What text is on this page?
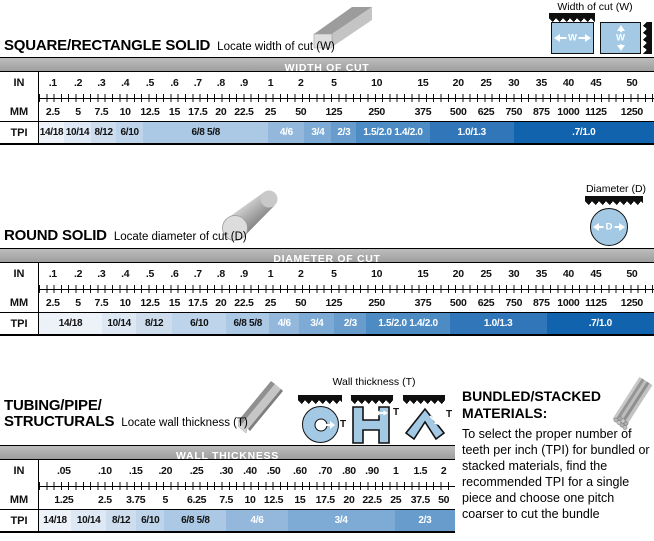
Width of cut (W)
W	W
SQUARE/RECTANGLE SOLID Locate width of cut (W)
WIDTH OF CUT
IN	.1	.2	.3	.4	.5	.6	.7	.8	.9	1	2	5	10	15	20	25	30	35	40	45	50
MM	2.5	5	7.5	10 12.5 15 17.5 20 22.5	25	50	125	250	375	500	625	750	875 1000 1125	1250
TPI	14/18 10/14 8/12 6/10	6/8 5/8	4/6	3/4	2/3	1.5/2.0 1.4/2.0	1.0/1.3	.7/1.0
Diameter (D)
D
ROUND SOLID Locate diameter of cut (D)
DIAMETER OF CUT
IN	.1	.2	.3	.4	.5	.6	.7	.8	.9	1	2	5	10	15	20	25	30	35	40	45	50
MM	2.5	5	7.5	10 12.5 15 17.5 20 22.5	25	50	125	250	375	500	625	750	875 1000 1125	1250
TPI	14/18	10/14	8/12	6/10	6/8 5/8	4/6	3/4	2/3	1.5/2.0 1.4/2.0	1.0/1.3	.7/1.0
Wall thickness (T)
T
T	T
TUBING/PIPE/
STRUCTURALS Locate wall thickness (T)
WALL THICKNESS
IN	.05	.10	.15	.20	.25	.30 .40 .50	.60	.70 .80 .90	1	1.5	2
MM	1.25	2.5	3.75	5	6.25	7.5	10 12.5	15 17.5 20 22.5 25 37.5 50
TPI	14/18	10/14	8/12	6/10	6/8 5/8	4/6	3/4	2/3
BUNDLED/STACKED
MATERIALS:
To select the proper number of teeth per inch (TPI) for bundled or stacked materials, find the recommended TPI for a single piece and choose one pitch coarser to cut the bundle
